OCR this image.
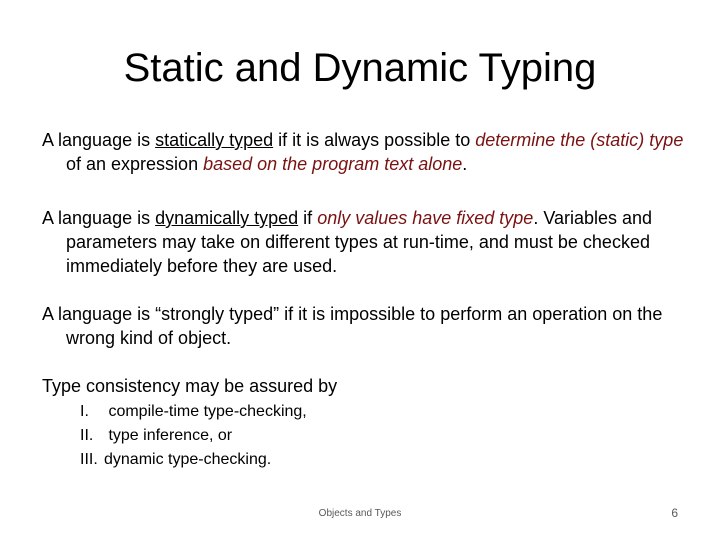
Static and Dynamic Typing
A language is statically typed if it is always possible to determine the (static) type of an expression based on the program text alone.
A language is dynamically typed if only values have fixed type. Variables and parameters may take on different types at run-time, and must be checked immediately before they are used.
A language is “strongly typed” if it is impossible to perform an operation on the wrong kind of object.
Type consistency may be assured by
I.
	compile-time type-checking,
II.
type inference, or
III. dynamic type-checking.
Objects and Types	6
